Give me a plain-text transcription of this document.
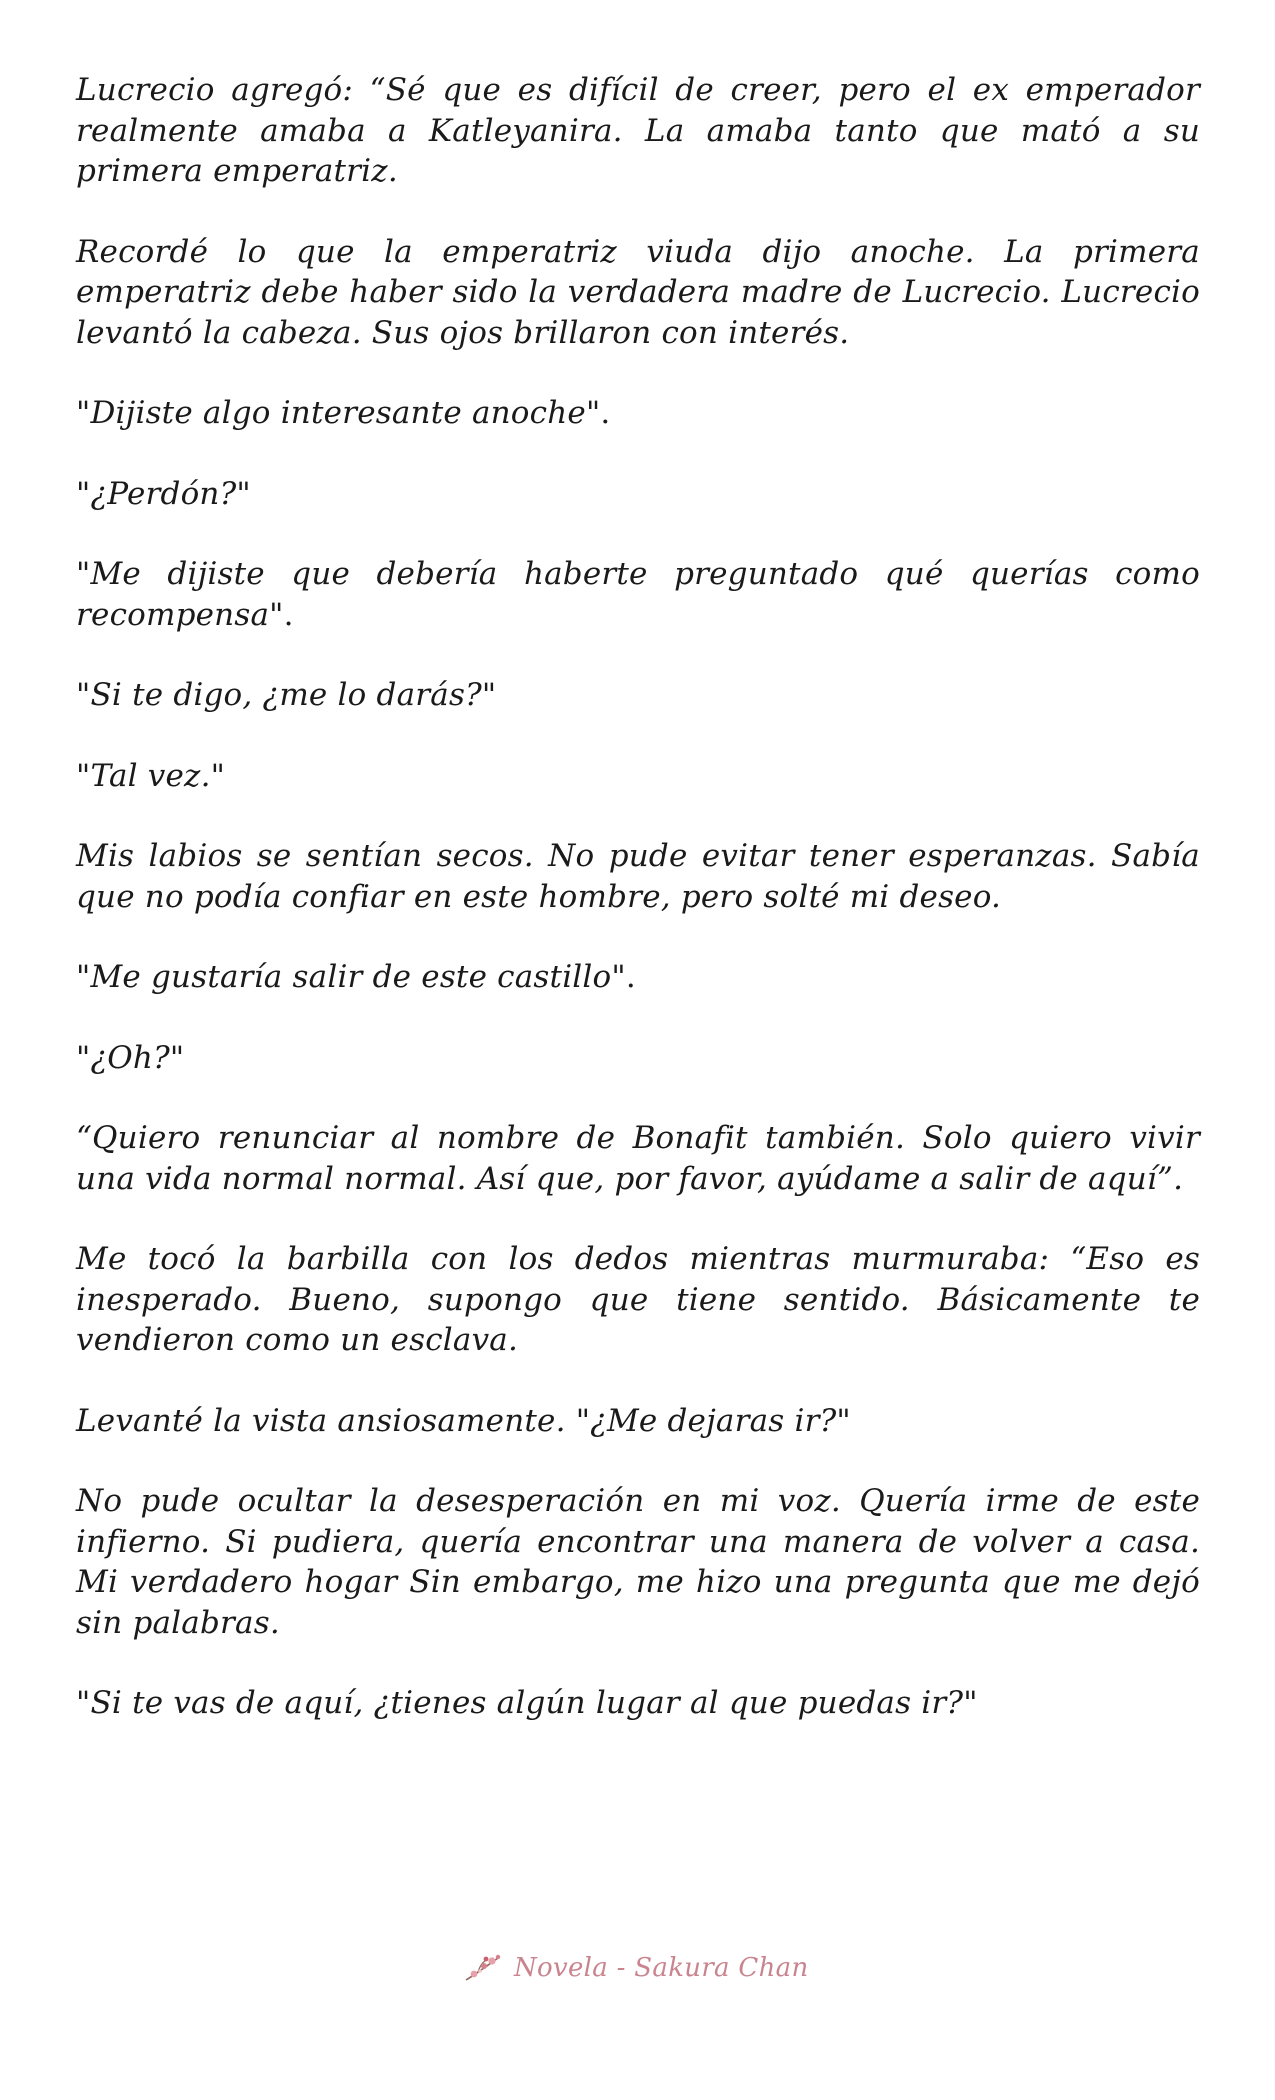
Lucrecio agregó: “Sé que es difícil de creer, pero el ex emperador realmente amaba a Katleyanira. La amaba tanto que mató a su primera emperatriz.

Recordé lo que la emperatriz viuda dijo anoche. La primera emperatriz debe haber sido la verdadera madre de Lucrecio. Lucrecio levantó la cabeza. Sus ojos brillaron con interés.

"Dijiste algo interesante anoche".

"¿Perdón?"

"Me dijiste que debería haberte preguntado qué querías como recompensa".

"Si te digo, ¿me lo darás?"

"Tal vez."

Mis labios se sentían secos. No pude evitar tener esperanzas. Sabía que no podía confiar en este hombre, pero solté mi deseo.

"Me gustaría salir de este castillo".

"¿Oh?"

“Quiero renunciar al nombre de Bonafit también. Solo quiero vivir una vida normal normal. Así que, por favor, ayúdame a salir de aquí”.

Me tocó la barbilla con los dedos mientras murmuraba: “Eso es inesperado. Bueno, supongo que tiene sentido. Básicamente te vendieron como un esclava.

Levanté la vista ansiosamente. "¿Me dejaras ir?"

No pude ocultar la desesperación en mi voz. Quería irme de este infierno. Si pudiera, quería encontrar una manera de volver a casa. Mi verdadero hogar Sin embargo, me hizo una pregunta que me dejó sin palabras.

"Si te vas de aquí, ¿tienes algún lugar al que puedas ir?"

Novela - Sakura Chan
